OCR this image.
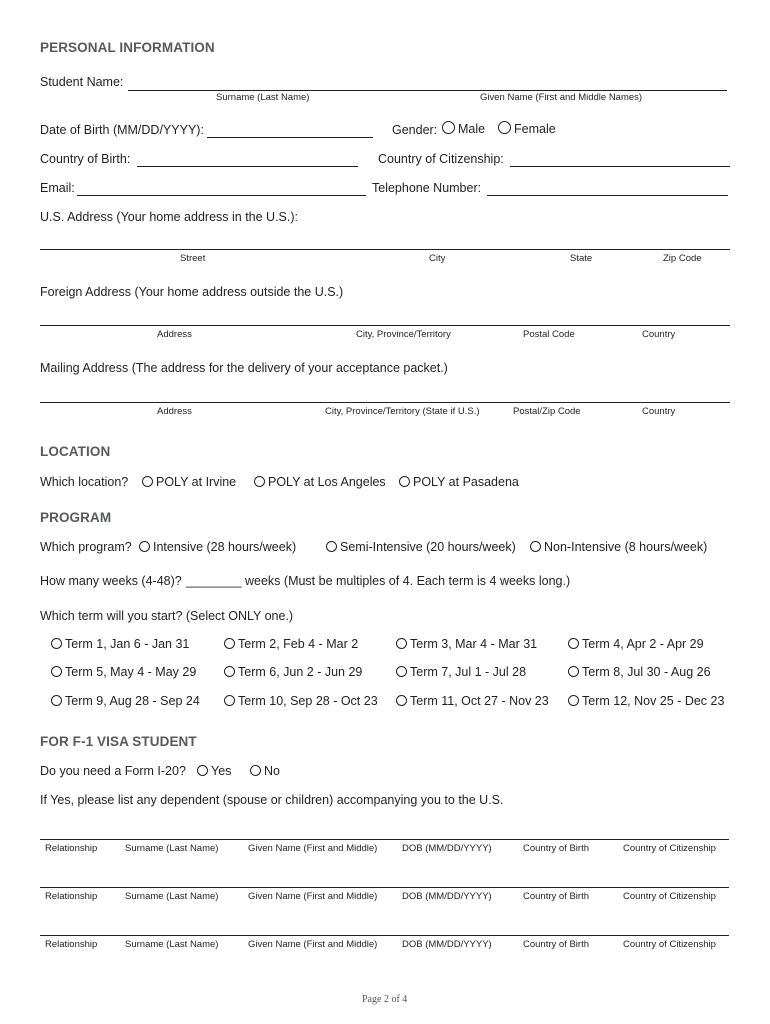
PERSONAL INFORMATION
Student Name:
Surname (Last Name)	Given Name (First and Middle Names)
Date of Birth (MM/DD/YYYY):	Gender:	Male	Female
Country of Birth:	Country of Citizenship:
Email:	Telephone Number:
U.S. Address (Your home address in the U.S.):
Street	City	State	Zip Code
Foreign Address (Your home address outside the U.S.)
Address	City, Province/Territory	Postal Code	Country
Mailing Address (The address for the delivery of your acceptance packet.)
Address	City, Province/Territory (State if U.S.)	Postal/Zip Code	Country
LOCATION
Which location?	POLY at Irvine	POLY at Los Angeles	POLY at Pasadena
PROGRAM
Which program?	Intensive (28 hours/week)	Semi-Intensive (20 hours/week)	Non-Intensive (8 hours/week)
How many weeks (4-48)? ________ weeks (Must be multiples of 4. Each term is 4 weeks long.)
Which term will you start? (Select ONLY one.)
Term 1, Jan 6 - Jan 31	Term 2, Feb 4 - Mar 2	Term 3, Mar 4 - Mar 31	Term 4, Apr 2 - Apr 29
Term 5, May 4 - May 29	Term 6, Jun 2 - Jun 29	Term 7, Jul 1 - Jul 28	Term 8, Jul 30 - Aug 26
Term 9, Aug 28 - Sep 24	Term 10, Sep 28 - Oct 23	Term 11, Oct 27 - Nov 23	Term 12, Nov 25 - Dec 23
FOR F-1 VISA STUDENT
Do you need a Form I-20?	Yes	No
If Yes, please list any dependent (spouse or children) accompanying you to the U.S.
Relationship	Surname (Last Name)	Given Name (First and Middle)	DOB (MM/DD/YYYY)	Country of Birth	Country of Citizenship
Relationship	Surname (Last Name)	Given Name (First and Middle)	DOB (MM/DD/YYYY)	Country of Birth	Country of Citizenship
Relationship	Surname (Last Name)	Given Name (First and Middle)	DOB (MM/DD/YYYY)	Country of Birth	Country of Citizenship
Page 2 of 4
